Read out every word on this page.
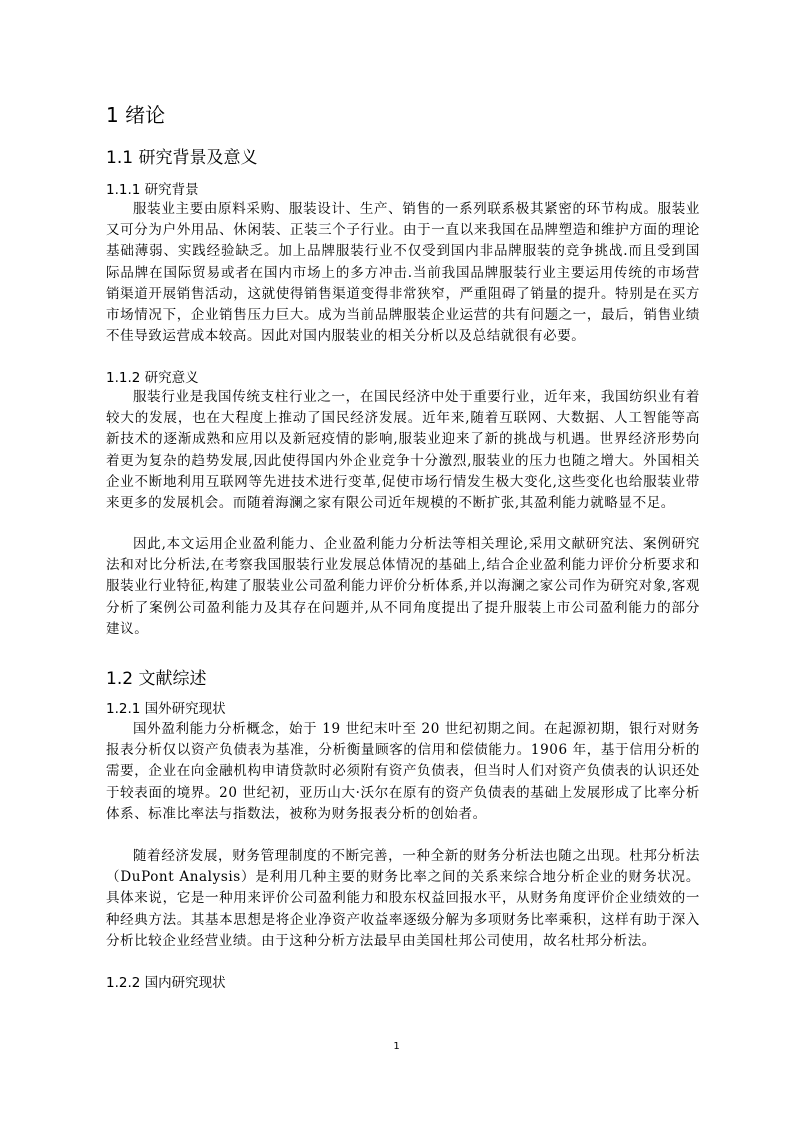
1 绪论
1.1 研究背景及意义
1.1.1 研究背景

服装业主要由原料采购、服装设计、生产、销售的一系列联系极其紧密的环节构成。服装业又可分为户外用品、休闲装、正装三个子行业。由于一直以来我国在品牌塑造和维护方面的理论基础薄弱、实践经验缺乏。加上品牌服装行业不仅受到国内非品牌服装的竞争挑战.而且受到国际品牌在国际贸易或者在国内市场上的多方冲击.当前我国品牌服装行业主要运用传统的市场营销渠道开展销售活动，这就使得销售渠道变得非常狭窄，严重阻碍了销量的提升。特别是在买方市场情况下，企业销售压力巨大。成为当前品牌服装企业运营的共有问题之一，最后，销售业绩不佳导致运营成本较高。因此对国内服装业的相关分析以及总结就很有必要。

1.1.2 研究意义

服装行业是我国传统支柱行业之一，在国民经济中处于重要行业，近年来，我国纺织业有着较大的发展，也在大程度上推动了国民经济发展。近年来,随着互联网、大数据、人工智能等高新技术的逐渐成熟和应用以及新冠疫情的影响,服装业迎来了新的挑战与机遇。世界经济形势向着更为复杂的趋势发展,因此使得国内外企业竞争十分激烈,服装业的压力也随之增大。外国相关企业不断地利用互联网等先进技术进行变革,促使市场行情发生极大变化,这些变化也给服装业带来更多的发展机会。而随着海澜之家有限公司近年规模的不断扩张,其盈利能力就略显不足。

因此,本文运用企业盈利能力、企业盈利能力分析法等相关理论,采用文献研究法、案例研究法和对比分析法,在考察我国服装行业发展总体情况的基础上,结合企业盈利能力评价分析要求和服装业行业特征,构建了服装业公司盈利能力评价分析体系,并以海澜之家公司作为研究对象,客观分析了案例公司盈利能力及其存在问题并,从不同角度提出了提升服装上市公司盈利能力的部分建议。

1.2 文献综述
1.2.1 国外研究现状

国外盈利能力分析概念，始于 19 世纪末叶至 20 世纪初期之间。在起源初期，银行对财务报表分析仅以资产负债表为基准，分析衡量顾客的信用和偿债能力。1906 年，基于信用分析的需要，企业在向金融机构申请贷款时必须附有资产负债表，但当时人们对资产负债表的认识还处于较表面的境界。20 世纪初，亚历山大·沃尔在原有的资产负债表的基础上发展形成了比率分析体系、标准比率法与指数法，被称为财务报表分析的创始者。

随着经济发展，财务管理制度的不断完善，一种全新的财务分析法也随之出现。杜邦分析法（DuPont Analysis）是利用几种主要的财务比率之间的关系来综合地分析企业的财务状况。具体来说，它是一种用来评价公司盈利能力和股东权益回报水平，从财务角度评价企业绩效的一种经典方法。其基本思想是将企业净资产收益率逐级分解为多项财务比率乘积，这样有助于深入分析比较企业经营业绩。由于这种分析方法最早由美国杜邦公司使用，故名杜邦分析法。

1.2.2 国内研究现状
1
